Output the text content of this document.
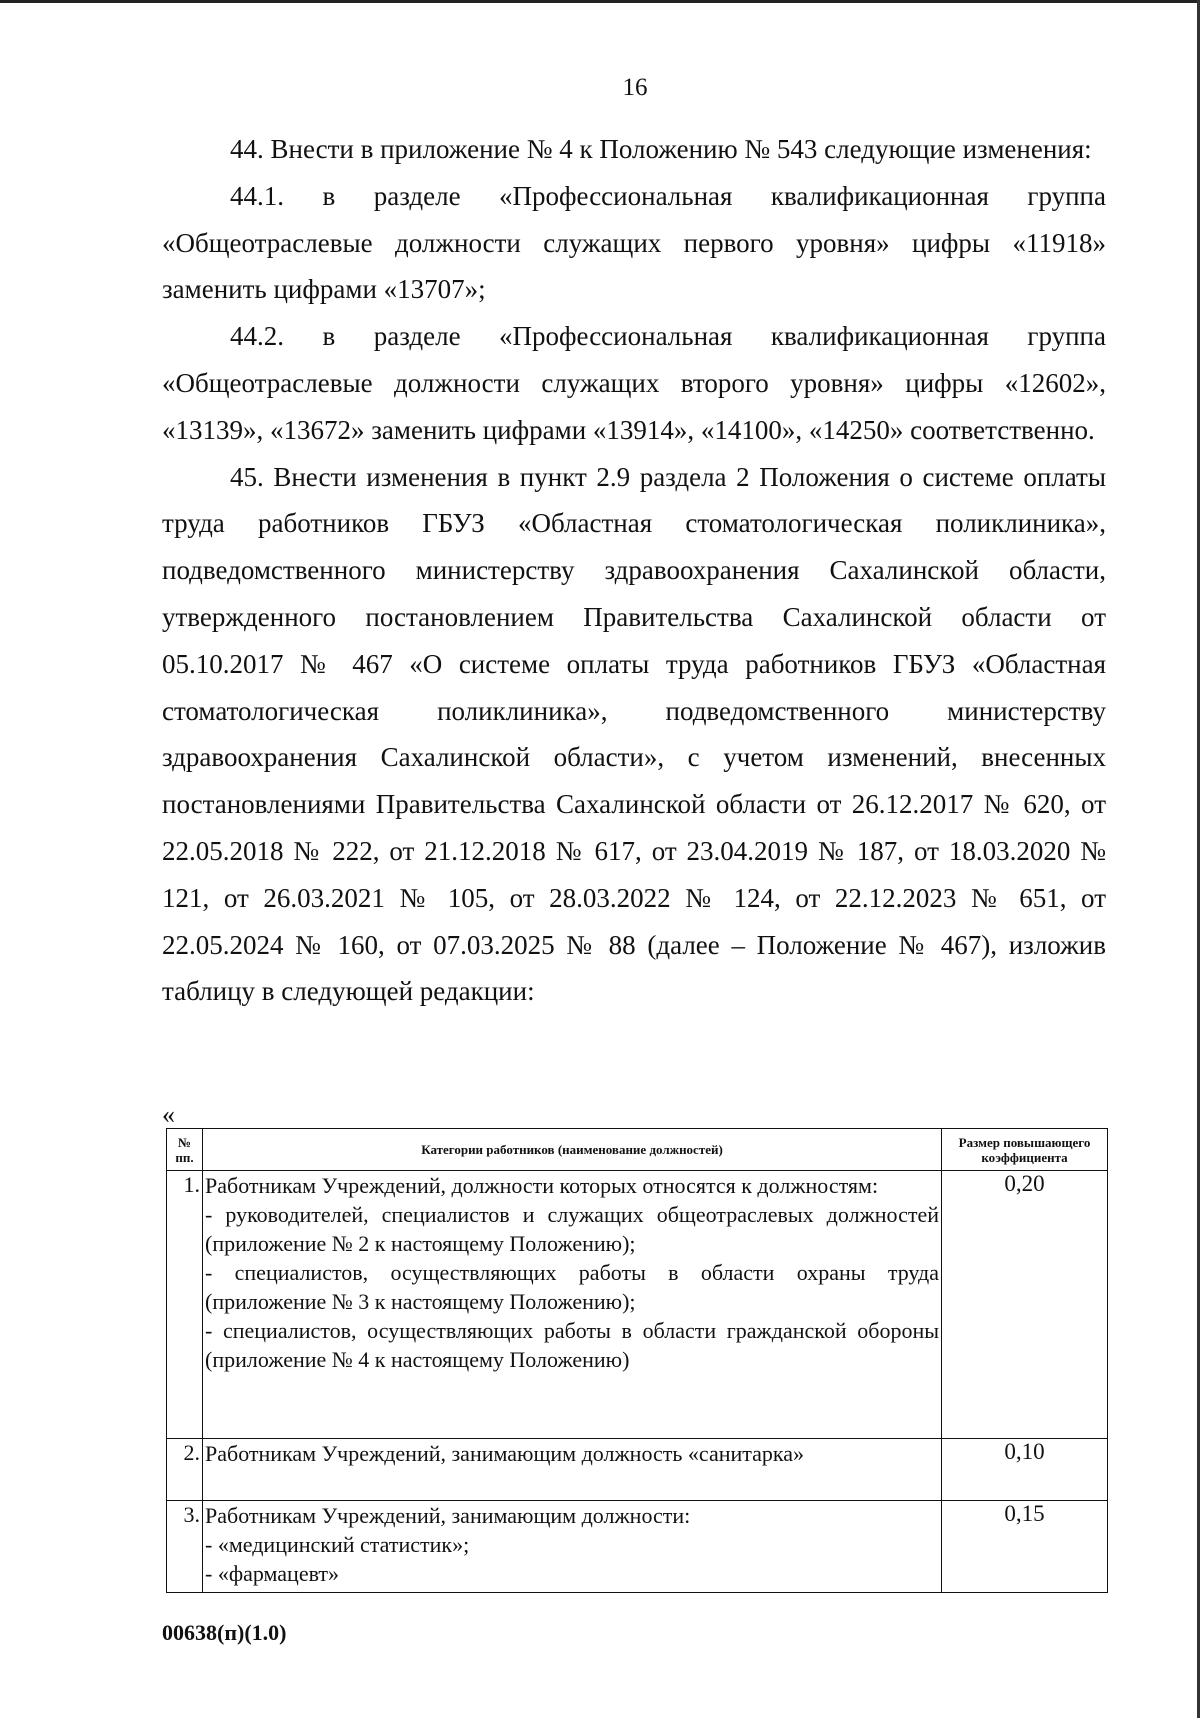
16

44. Внести в приложение № 4 к Положению № 543 следующие изменения:

44.1. в разделе «Профессиональная квалификационная группа «Общеотраслевые должности служащих первого уровня» цифры «11918» заменить цифрами «13707»;

44.2. в разделе «Профессиональная квалификационная группа «Общеотраслевые должности служащих второго уровня» цифры «12602», «13139», «13672» заменить цифрами «13914», «14100», «14250» соответственно.

45. Внести изменения в пункт 2.9 раздела 2 Положения о системе оплаты труда работников ГБУЗ «Областная стоматологическая поликлиника», подведомственного министерству здравоохранения Сахалинской области, утвержденного постановлением Правительства Сахалинской области от 05.10.2017 № 467 «О системе оплаты труда работников ГБУЗ «Областная стоматологическая поликлиника», подведомственного министерству здравоохранения Сахалинской области», с учетом изменений, внесенных постановлениями Правительства Сахалинской области от 26.12.2017 № 620, от 22.05.2018 № 222, от 21.12.2018 № 617, от 23.04.2019 № 187, от 18.03.2020 № 121, от 26.03.2021 № 105, от 28.03.2022 № 124, от 22.12.2023 № 651, от 22.05.2024 № 160, от 07.03.2025 № 88 (далее – Положение № 467), изложив таблицу в следующей редакции:

«
№ пп.	Категории работников (наименование должностей)	Размер повышающего коэффициента
1.	Работникам Учреждений, должности которых относятся к должностям:
- руководителей, специалистов и служащих общеотраслевых должностей (приложение № 2 к настоящему Положению);
- специалистов, осуществляющих работы в области охраны труда (приложение № 3 к настоящему Положению);
- специалистов, осуществляющих работы в области гражданской обороны (приложение № 4 к настоящему Положению)	0,20
2.	Работникам Учреждений, занимающим должность «санитарка»	0,10
3.	Работникам Учреждений, занимающим должности:
- «медицинский статистик»;
- «фармацевт»	0,15
00638(п)(1.0)
